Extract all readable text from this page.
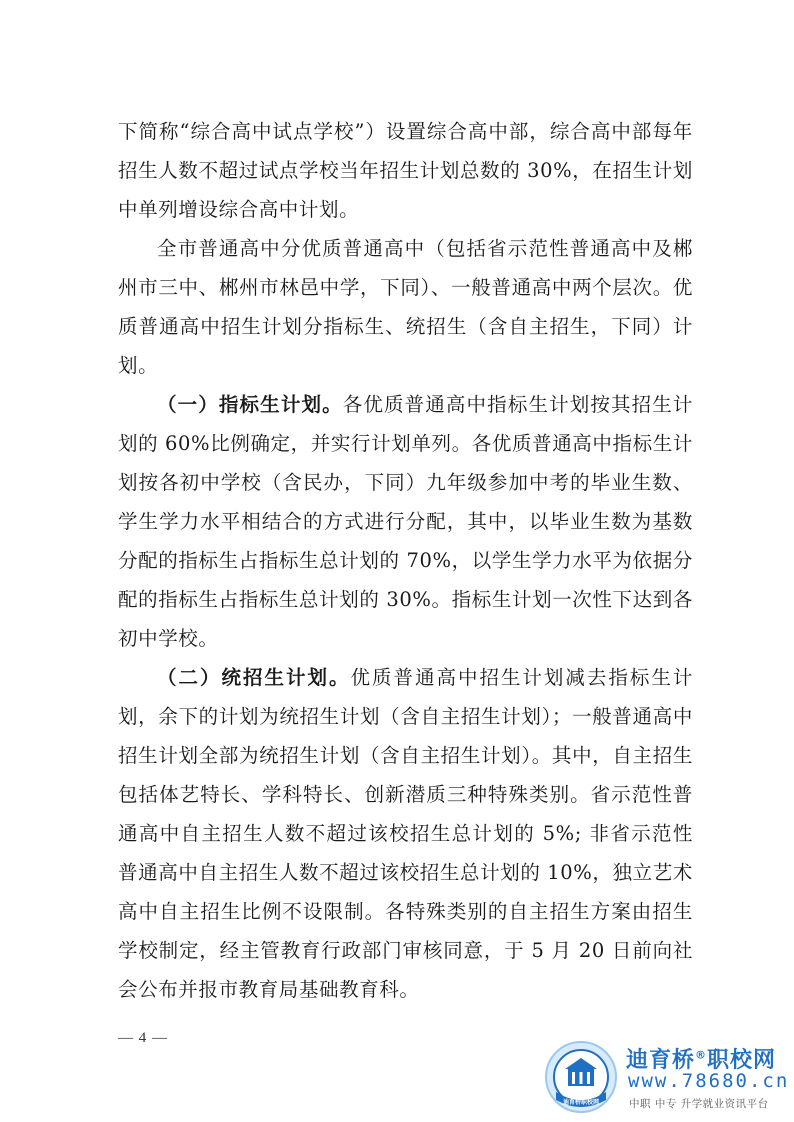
下简称“综合高中试点学校”）设置综合高中部，综合高中部每年招生人数不超过试点学校当年招生计划总数的 30%，在招生计划中单列增设综合高中计划。

全市普通高中分优质普通高中（包括省示范性普通高中及郴州市三中、郴州市林邑中学，下同）、一般普通高中两个层次。优质普通高中招生计划分指标生、统招生（含自主招生，下同）计划。

（一）指标生计划。各优质普通高中指标生计划按其招生计划的 60%比例确定，并实行计划单列。各优质普通高中指标生计划按各初中学校（含民办，下同）九年级参加中考的毕业生数、学生学力水平相结合的方式进行分配，其中，以毕业生数为基数分配的指标生占指标生总计划的 70%，以学生学力水平为依据分配的指标生占指标生总计划的 30%。指标生计划一次性下达到各初中学校。

（二）统招生计划。优质普通高中招生计划减去指标生计划，余下的计划为统招生计划（含自主招生计划）；一般普通高中招生计划全部为统招生计划（含自主招生计划）。其中，自主招生包括体艺特长、学科特长、创新潜质三种特殊类别。省示范性普通高中自主招生人数不超过该校招生总计划的 5%; 非省示范性普通高中自主招生人数不超过该校招生总计划的 10%，独立艺术高中自主招生比例不设限制。各特殊类别的自主招生方案由招生学校制定，经主管教育行政部门审核同意，于 5 月 20 日前向社会公布并报市教育局基础教育科。

— 4 —
迪育桥职校网
迪育桥®职校网
www.78680.cn
中职 中专 升学就业资讯平台
